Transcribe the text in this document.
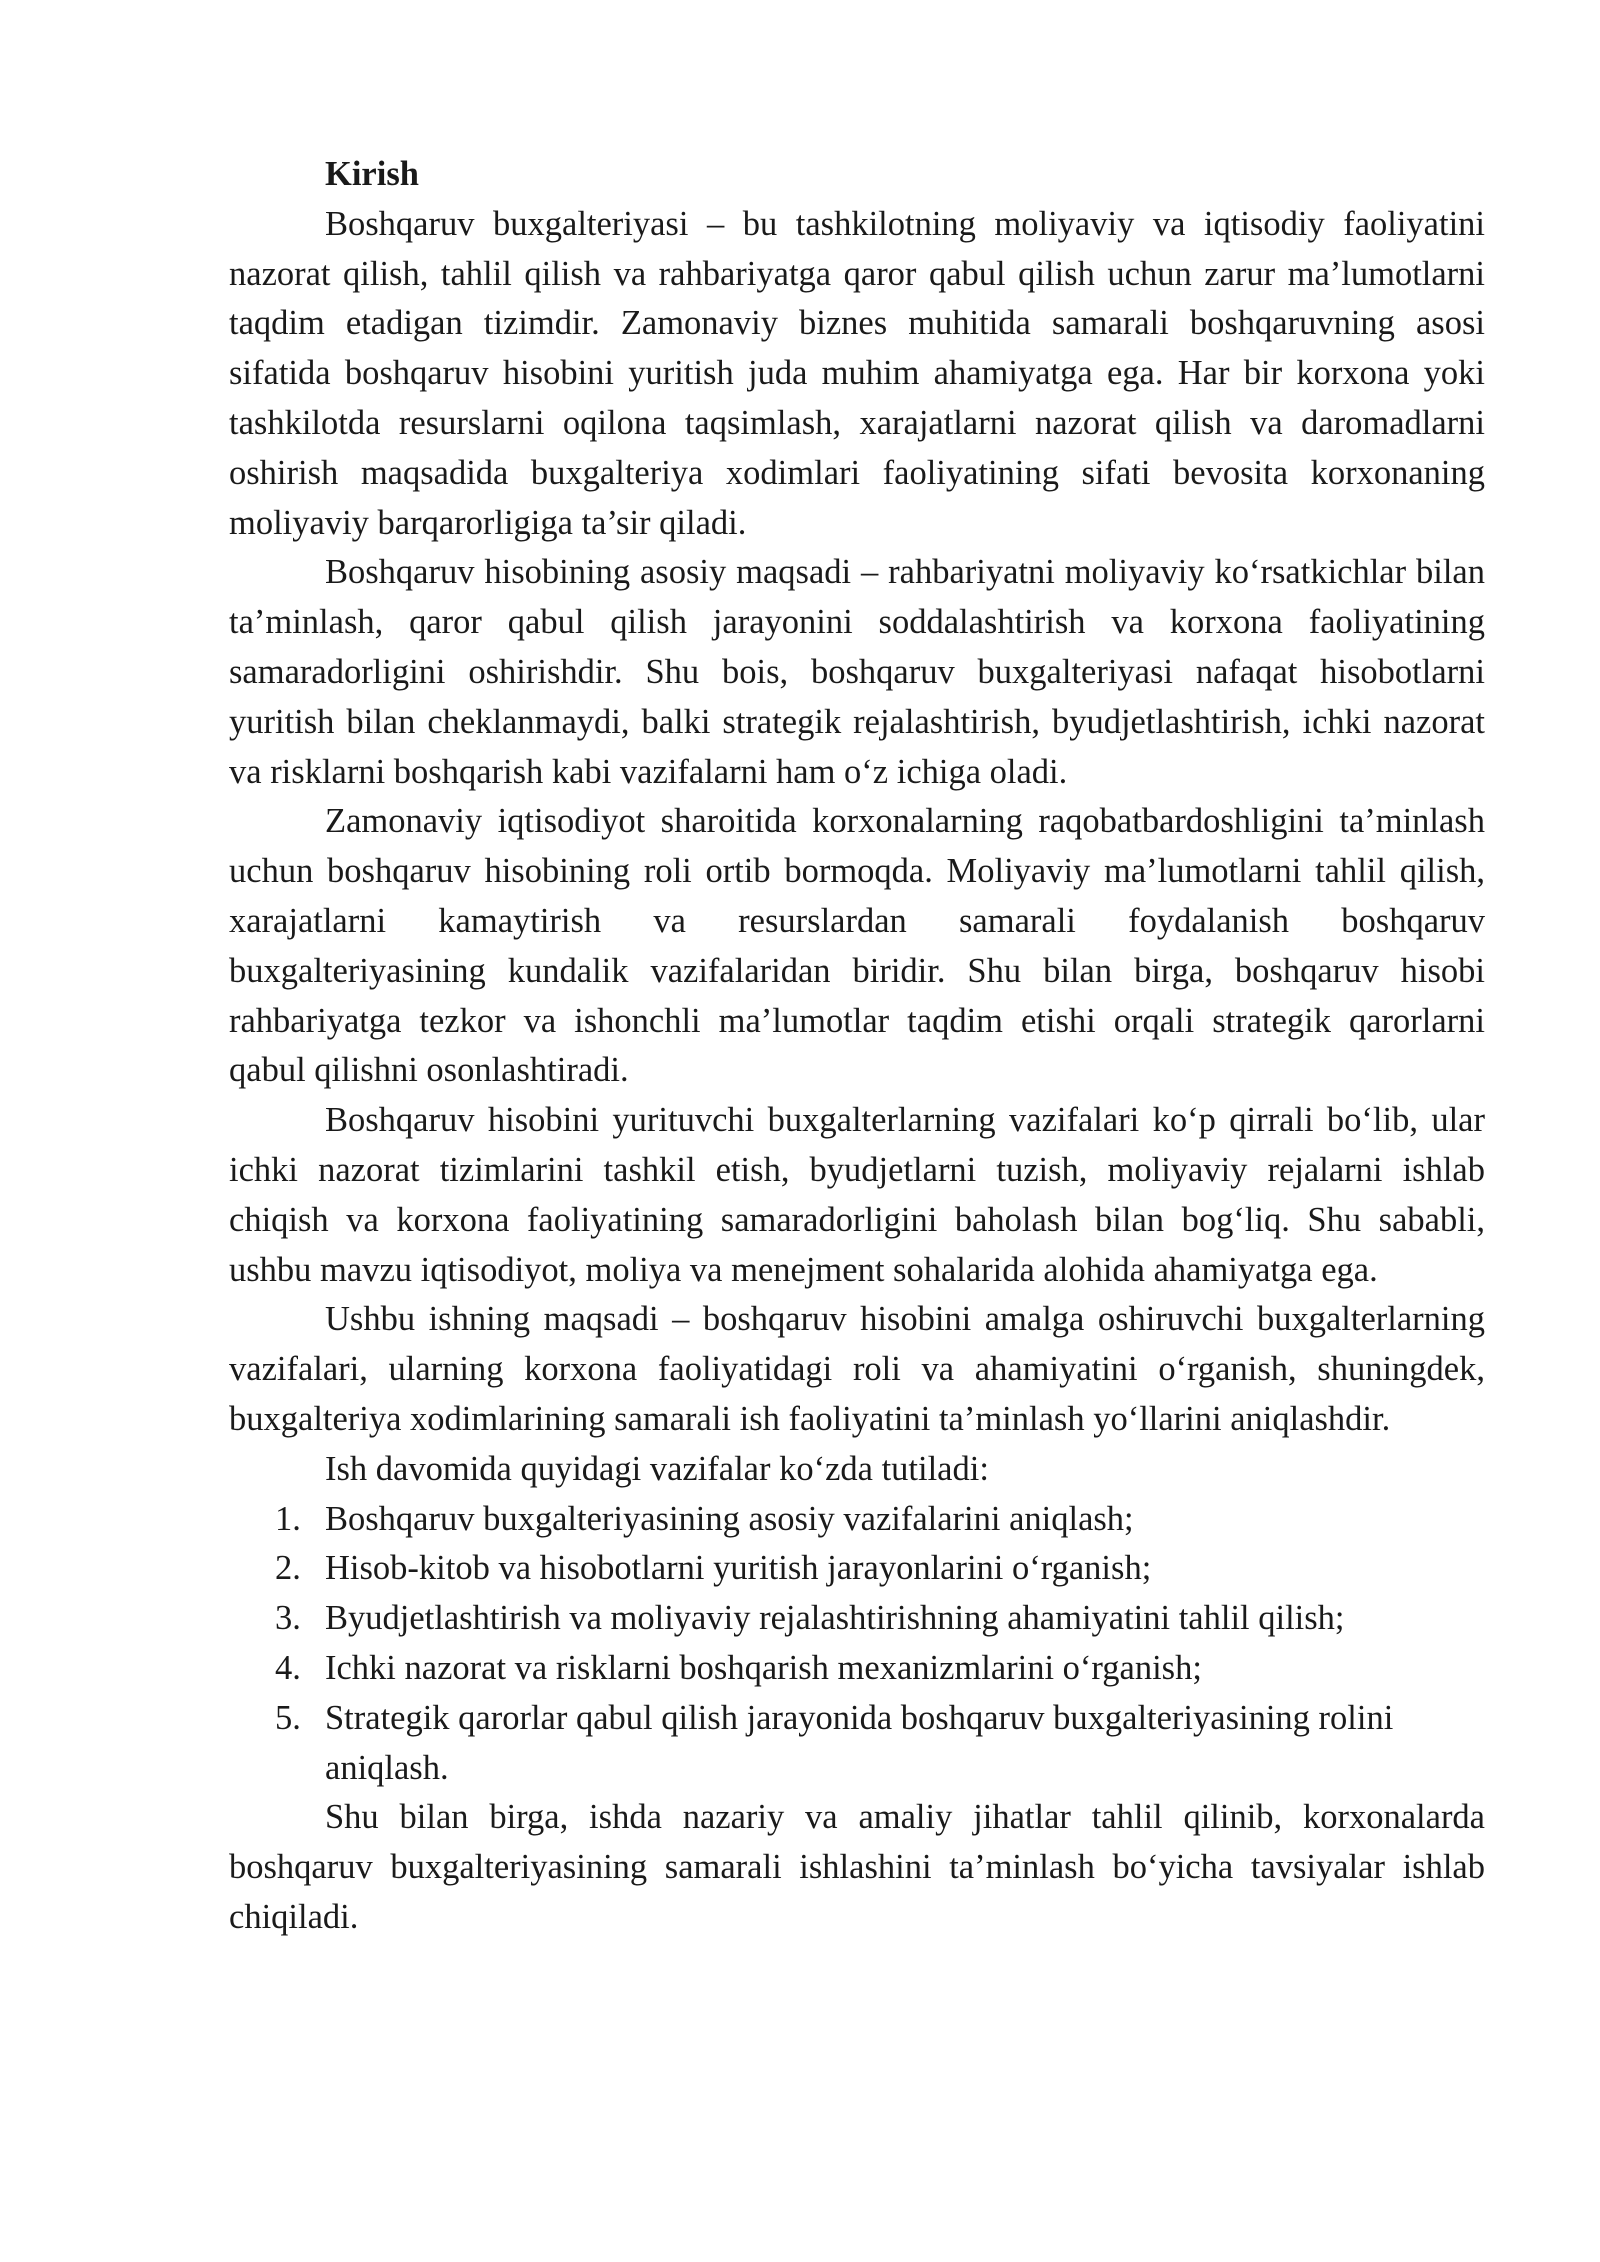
Kirish

Boshqaruv buxgalteriyasi – bu tashkilotning moliyaviy va iqtisodiy faoliyatini nazorat qilish, tahlil qilish va rahbariyatga qaror qabul qilish uchun zarur ma’lumotlarni taqdim etadigan tizimdir. Zamonaviy biznes muhitida samarali boshqaruvning asosi sifatida boshqaruv hisobini yuritish juda muhim ahamiyatga ega. Har bir korxona yoki tashkilotda resurslarni oqilona taqsimlash, xarajatlarni nazorat qilish va daromadlarni oshirish maqsadida buxgalteriya xodimlari faoliyatining sifati bevosita korxonaning moliyaviy barqarorligiga ta’sir qiladi.

Boshqaruv hisobining asosiy maqsadi – rahbariyatni moliyaviy ko‘rsatkichlar bilan ta’minlash, qaror qabul qilish jarayonini soddalashtirish va korxona faoliyatining samaradorligini oshirishdir. Shu bois, boshqaruv buxgalteriyasi nafaqat hisobotlarni yuritish bilan cheklanmaydi, balki strategik rejalashtirish, byudjetlashtirish, ichki nazorat va risklarni boshqarish kabi vazifalarni ham o‘z ichiga oladi.

Zamonaviy iqtisodiyot sharoitida korxonalarning raqobatbardoshligini ta’minlash uchun boshqaruv hisobining roli ortib bormoqda. Moliyaviy ma’lumotlarni tahlil qilish, xarajatlarni kamaytirish va resurslardan samarali foydalanish boshqaruv buxgalteriyasining kundalik vazifalaridan biridir. Shu bilan birga, boshqaruv hisobi rahbariyatga tezkor va ishonchli ma’lumotlar taqdim etishi orqali strategik qarorlarni qabul qilishni osonlashtiradi.

Boshqaruv hisobini yurituvchi buxgalterlarning vazifalari ko‘p qirrali bo‘lib, ular ichki nazorat tizimlarini tashkil etish, byudjetlarni tuzish, moliyaviy rejalarni ishlab chiqish va korxona faoliyatining samaradorligini baholash bilan bog‘liq. Shu sababli, ushbu mavzu iqtisodiyot, moliya va menejment sohalarida alohida ahamiyatga ega.

Ushbu ishning maqsadi – boshqaruv hisobini amalga oshiruvchi buxgalterlarning vazifalari, ularning korxona faoliyatidagi roli va ahamiyatini o‘rganish, shuningdek, buxgalteriya xodimlarining samarali ish faoliyatini ta’minlash yo‘llarini aniqlashdir.

Ish davomida quyidagi vazifalar ko‘zda tutiladi:

1. Boshqaruv buxgalteriyasining asosiy vazifalarini aniqlash;
2. Hisob-kitob va hisobotlarni yuritish jarayonlarini o‘rganish;
3. Byudjetlashtirish va moliyaviy rejalashtirishning ahamiyatini tahlil qilish;
4. Ichki nazorat va risklarni boshqarish mexanizmlarini o‘rganish;
5. Strategik qarorlar qabul qilish jarayonida boshqaruv buxgalteriyasining rolini aniqlash.

Shu bilan birga, ishda nazariy va amaliy jihatlar tahlil qilinib, korxonalarda boshqaruv buxgalteriyasining samarali ishlashini ta’minlash bo‘yicha tavsiyalar ishlab chiqiladi.
